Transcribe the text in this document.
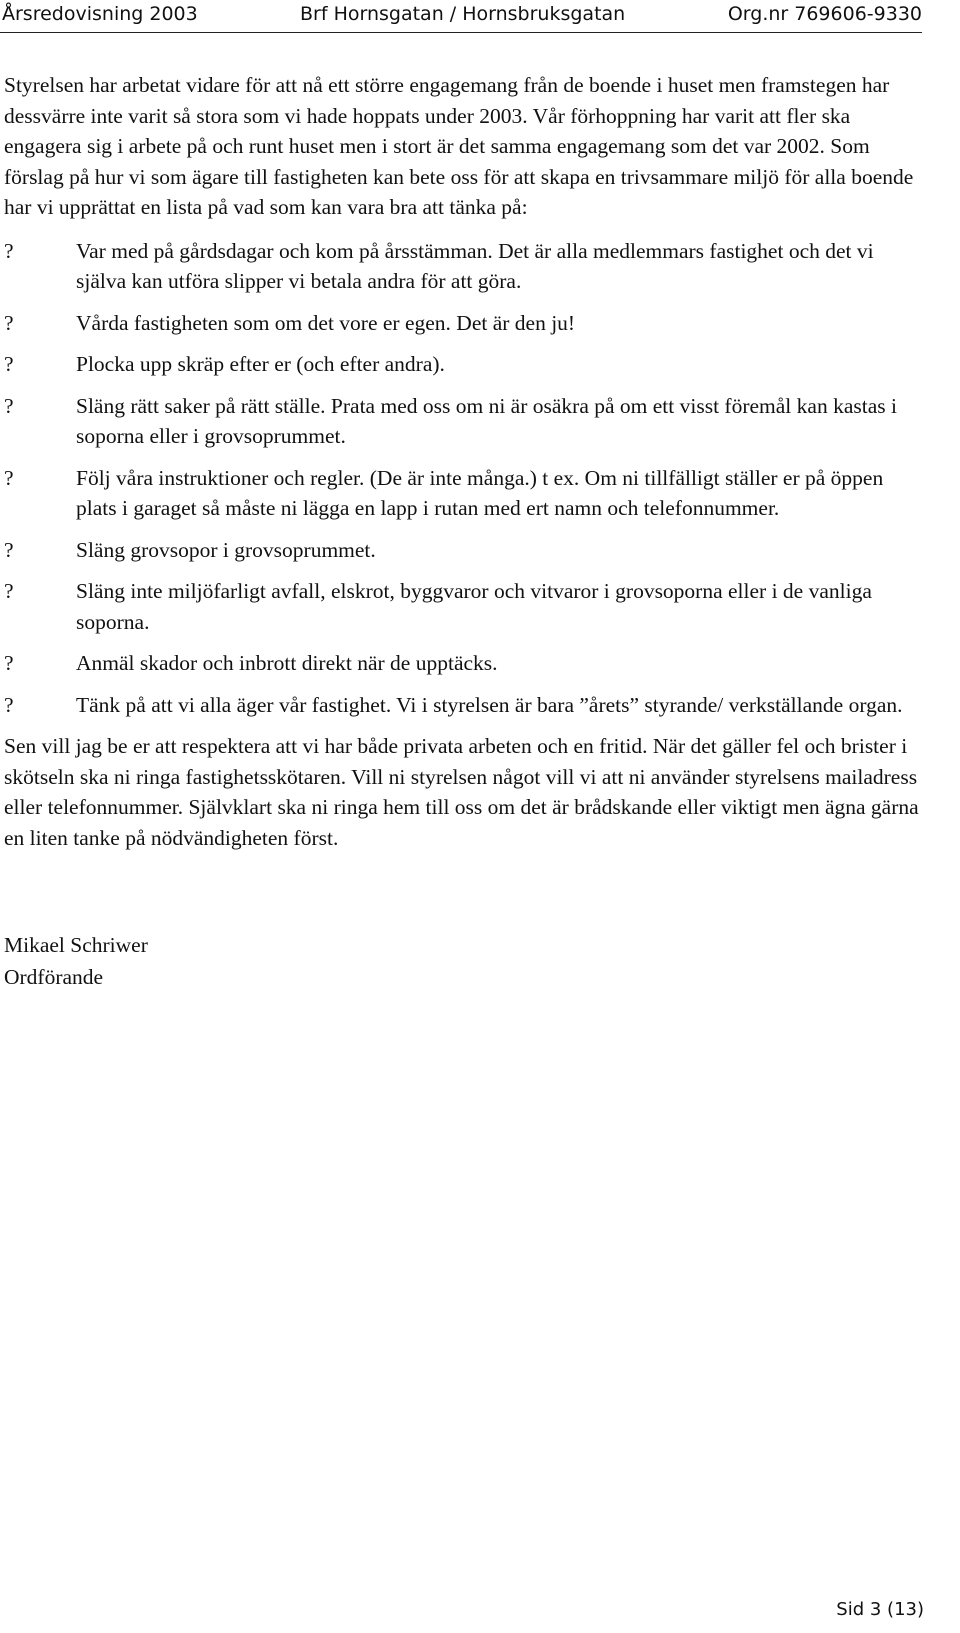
Årsredovisning 2003	Brf Hornsgatan / Hornsbruksgatan	Org.nr 769606-9330

Styrelsen har arbetat vidare för att nå ett större engagemang från de boende i huset men framstegen har dessvärre inte varit så stora som vi hade hoppats under 2003. Vår förhoppning har varit att fler ska engagera sig i arbete på och runt huset men i stort är det samma engagemang som det var 2002. Som förslag på hur vi som ägare till fastigheten kan bete oss för att skapa en trivsammare miljö för alla boende har vi upprättat en lista på vad som kan vara bra att tänka på:

?	Var med på gårdsdagar och kom på årsstämman. Det är alla medlemmars fastighet och det vi själva kan utföra slipper vi betala andra för att göra.
?	Vårda fastigheten som om det vore er egen. Det är den ju!
?	Plocka upp skräp efter er (och efter andra).
?	Släng rätt saker på rätt ställe. Prata med oss om ni är osäkra på om ett visst föremål kan kastas i soporna eller i grovsoprummet.
?	Följ våra instruktioner och regler. (De är inte många.) t ex. Om ni tillfälligt ställer er på öppen plats i garaget så måste ni lägga en lapp i rutan med ert namn och telefonnummer.
?	Släng grovsopor i grovsoprummet.
?	Släng inte miljöfarligt avfall, elskrot, byggvaror och vitvaror i grovsoporna eller i de vanliga soporna.
?	Anmäl skador och inbrott direkt när de upptäcks.
?	Tänk på att vi alla äger vår fastighet. Vi i styrelsen är bara ”årets” styrande/ verkställande organ.

Sen vill jag be er att respektera att vi har både privata arbeten och en fritid. När det gäller fel och brister i skötseln ska ni ringa fastighetsskötaren. Vill ni styrelsen något vill vi att ni använder styrelsens mailadress eller telefonnummer. Självklart ska ni ringa hem till oss om det är brådskande eller viktigt men ägna gärna en liten tanke på nödvändigheten först.

Mikael Schriwer
Ordförande
Sid 3 (13)
